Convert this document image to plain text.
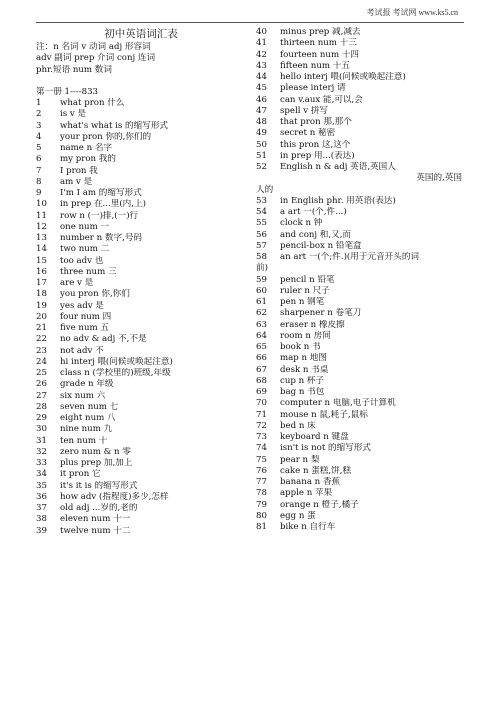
考试报 考试网 www.ks5.cn
初中英语词汇表
注：n 名词 v 动词 adj 形容词
adv 副词 prep 介词 conj 连词
phr.短语 num 数词
第一册 1----833
1 what pron 什么
2 is v 是
3 what's what is 的缩写形式
4 your pron 你的,你们的
5 name n 名字
6 my pron 我的
7 I pron 我
8 am v 是
9 I'm I am 的缩写形式
10 in prep 在...里(内,上)
11 row n (一)排,(一)行
12 one num 一
13 number n 数字,号码
14 two num 二
15 too adv 也
16 three num 三
17 are v 是
18 you pron 你,你们
19 yes adv 是
20 four num 四
21 five num 五
22 no adv & adj 不,不是
23 not adv 不
24 hi interj 喂(问候或唤起注意)
25 class n (学校里的)班级,年级
26 grade n 年级
27 six num 六
28 seven num 七
29 eight num 八
30 nine num 九
31 ten num 十
32 zero num & n 零
33 plus prep 加,加上
34 it pron 它
35 it's it is 的缩写形式
36 how adv (指程度)多少,怎样
37 old adj ...岁的,老的
38 eleven num 十一
39 twelve num 十二
40 minus prep 减,减去
41 thirteen num 十三
42 fourteen num 十四
43 fifteen num 十五
44 hello interj 喂(问候或唤起注意)
45 please interj 请
46 can v.aux 能,可以,会
47 spell v 拼写
48 that pron 那,那个
49 secret n 秘密
50 this pron 这,这个
51 in prep 用...(表达)
52 English n & adj 英语,英国人
英国的,英国
人的
53 in English phr. 用英语(表达)
54 a art 一(个,件...)
55 clock n 钟
56 and conj 和,又,而
57 pencil-box n 铅笔盒
58 an art 一(个;件.)(用于元音开头的词
前)
59 pencil n 铅笔
60 ruler n 尺子
61 pen n 钢笔
62 sharpener n 卷笔刀
63 eraser n 橡皮擦
64 room n 房间
65 book n 书
66 map n 地图
67 desk n 书桌
68 cup n 杯子
69 bag n 书包
70 computer n 电脑,电子计算机
71 mouse n 鼠,耗子,鼠标
72 bed n 床
73 keyboard n 键盘
74 isn't is not 的缩写形式
75 pear n 梨
76 cake n 蛋糕,饼,糕
77 banana n 香蕉
78 apple n 苹果
79 orange n 橙子,橘子
80 egg n 蛋
81 bike n 自行车
